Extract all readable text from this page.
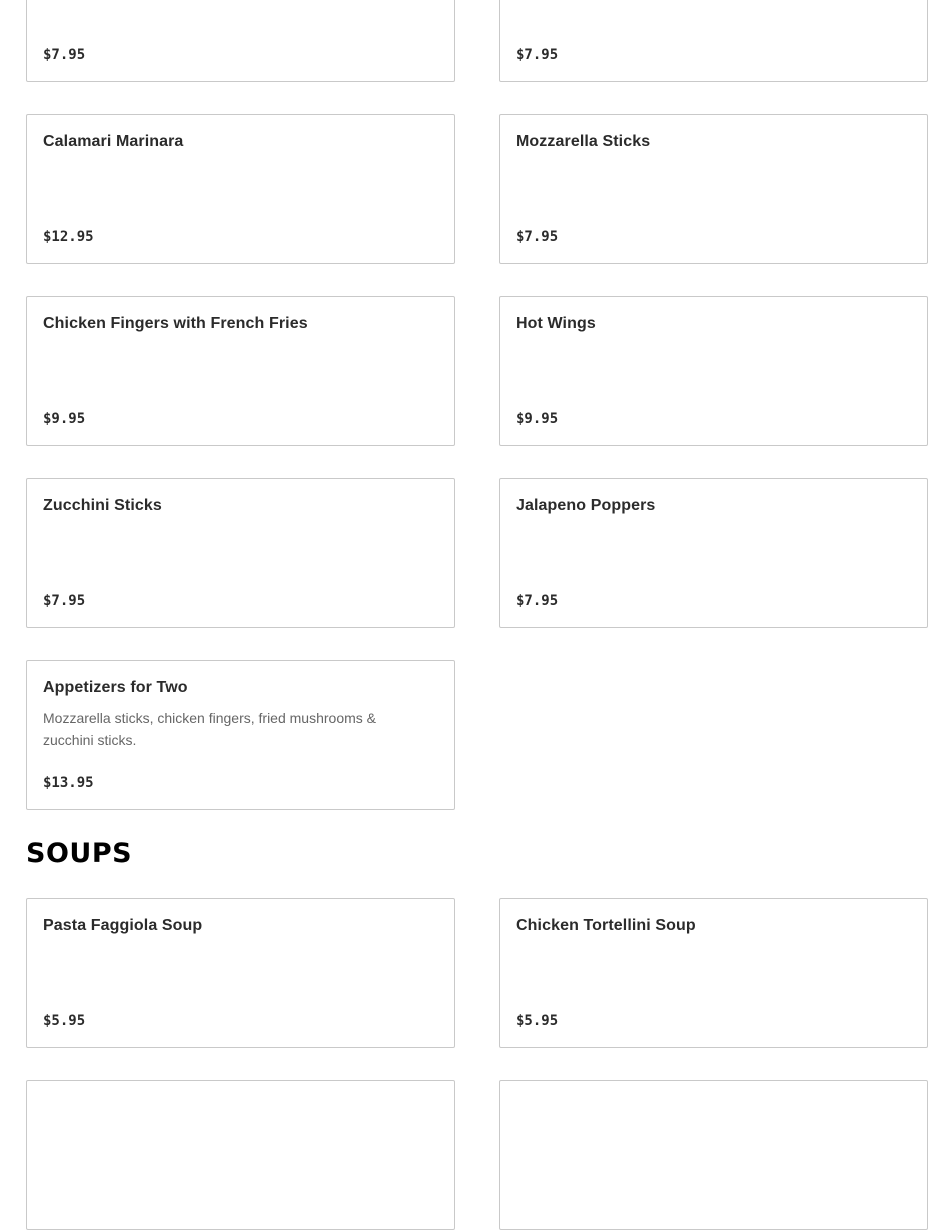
$7.95	$7.95
Calamari Marinara
$12.95
Mozzarella Sticks
$7.95
Chicken Fingers with French Fries
$9.95
Hot Wings
$9.95
Zucchini Sticks
$7.95
Jalapeno Poppers
$7.95
Appetizers for Two
Mozzarella sticks, chicken fingers, fried mushrooms & zucchini sticks.
$13.95
SOUPS
Pasta Faggiola Soup
$5.95
Chicken Tortellini Soup
$5.95
